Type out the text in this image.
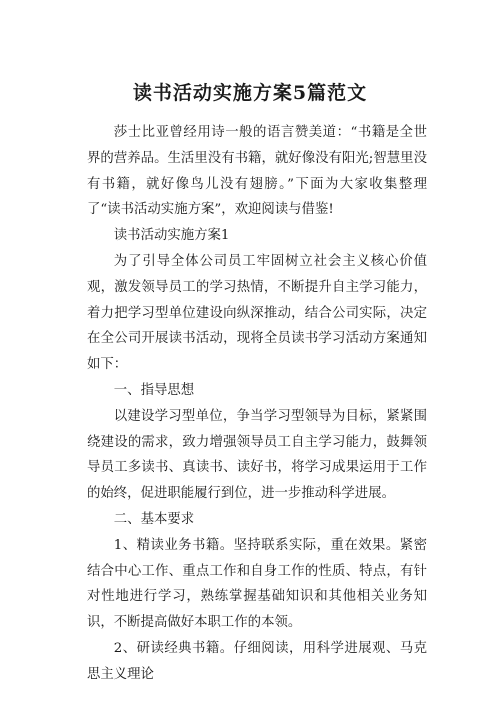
读书活动实施方案5篇范文

莎士比亚曾经用诗一般的语言赞美道：“书籍是全世界的营养品。生活里没有书籍，就好像没有阳光;智慧里没有书籍，就好像鸟儿没有翅膀。”下面为大家收集整理了“读书活动实施方案”，欢迎阅读与借鉴!

读书活动实施方案1

为了引导全体公司员工牢固树立社会主义核心价值观，激发领导员工的学习热情，不断提升自主学习能力，着力把学习型单位建设向纵深推动，结合公司实际，决定在全公司开展读书活动，现将全员读书学习活动方案通知如下：

一、指导思想

以建设学习型单位，争当学习型领导为目标，紧紧围绕建设的需求，致力增强领导员工自主学习能力，鼓舞领导员工多读书、真读书、读好书，将学习成果运用于工作的始终，促进职能履行到位，进一步推动科学进展。

二、基本要求

1、精读业务书籍。坚持联系实际，重在效果。紧密结合中心工作、重点工作和自身工作的性质、特点，有针对性地进行学习，熟练掌握基础知识和其他相关业务知识，不断提高做好本职工作的本领。

2、研读经典书籍。仔细阅读，用科学进展观、马克思主义理论
